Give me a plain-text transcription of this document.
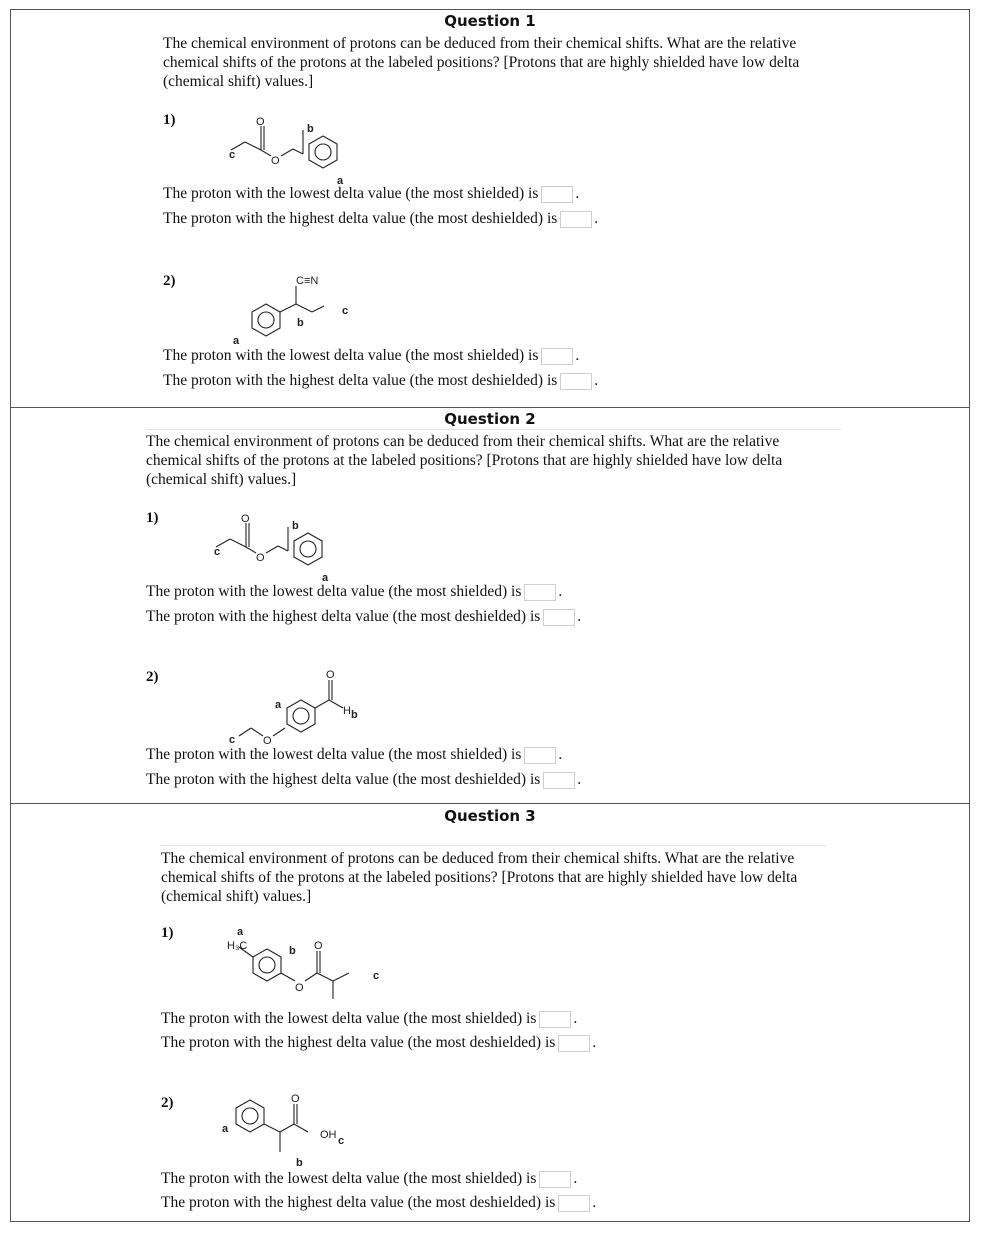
Question 1
The chemical environment of protons can be deduced from their chemical shifts. What are the relative chemical shifts of the protons at the labeled positions? [Protons that are highly shielded have low delta (chemical shift) values.]
1)	O
O
b
c
a
The proton with the lowest delta value (the most shielded) is .
The proton with the highest delta value (the most deshielded) is .
2)	C≡N
b
c
a
The proton with the lowest delta value (the most shielded) is .
The proton with the highest delta value (the most deshielded) is .
Question 2
The chemical environment of protons can be deduced from their chemical shifts. What are the relative chemical shifts of the protons at the labeled positions? [Protons that are highly shielded have low delta (chemical shift) values.]
1)	O
O
b
c
a
The proton with the lowest delta value (the most shielded) is .
The proton with the highest delta value (the most deshielded) is .
2)	O
O
H b
a
c
The proton with the lowest delta value (the most shielded) is .
The proton with the highest delta value (the most deshielded) is .
Question 3
The chemical environment of protons can be deduced from their chemical shifts. What are the relative chemical shifts of the protons at the labeled positions? [Protons that are highly shielded have low delta (chemical shift) values.]
1)
H₃C
a
b O
O
c
The proton with the lowest delta value (the most shielded) is .
The proton with the highest delta value (the most deshielded) is .
2)	O
OH c
a
b
The proton with the lowest delta value (the most shielded) is .
The proton with the highest delta value (the most deshielded) is .
